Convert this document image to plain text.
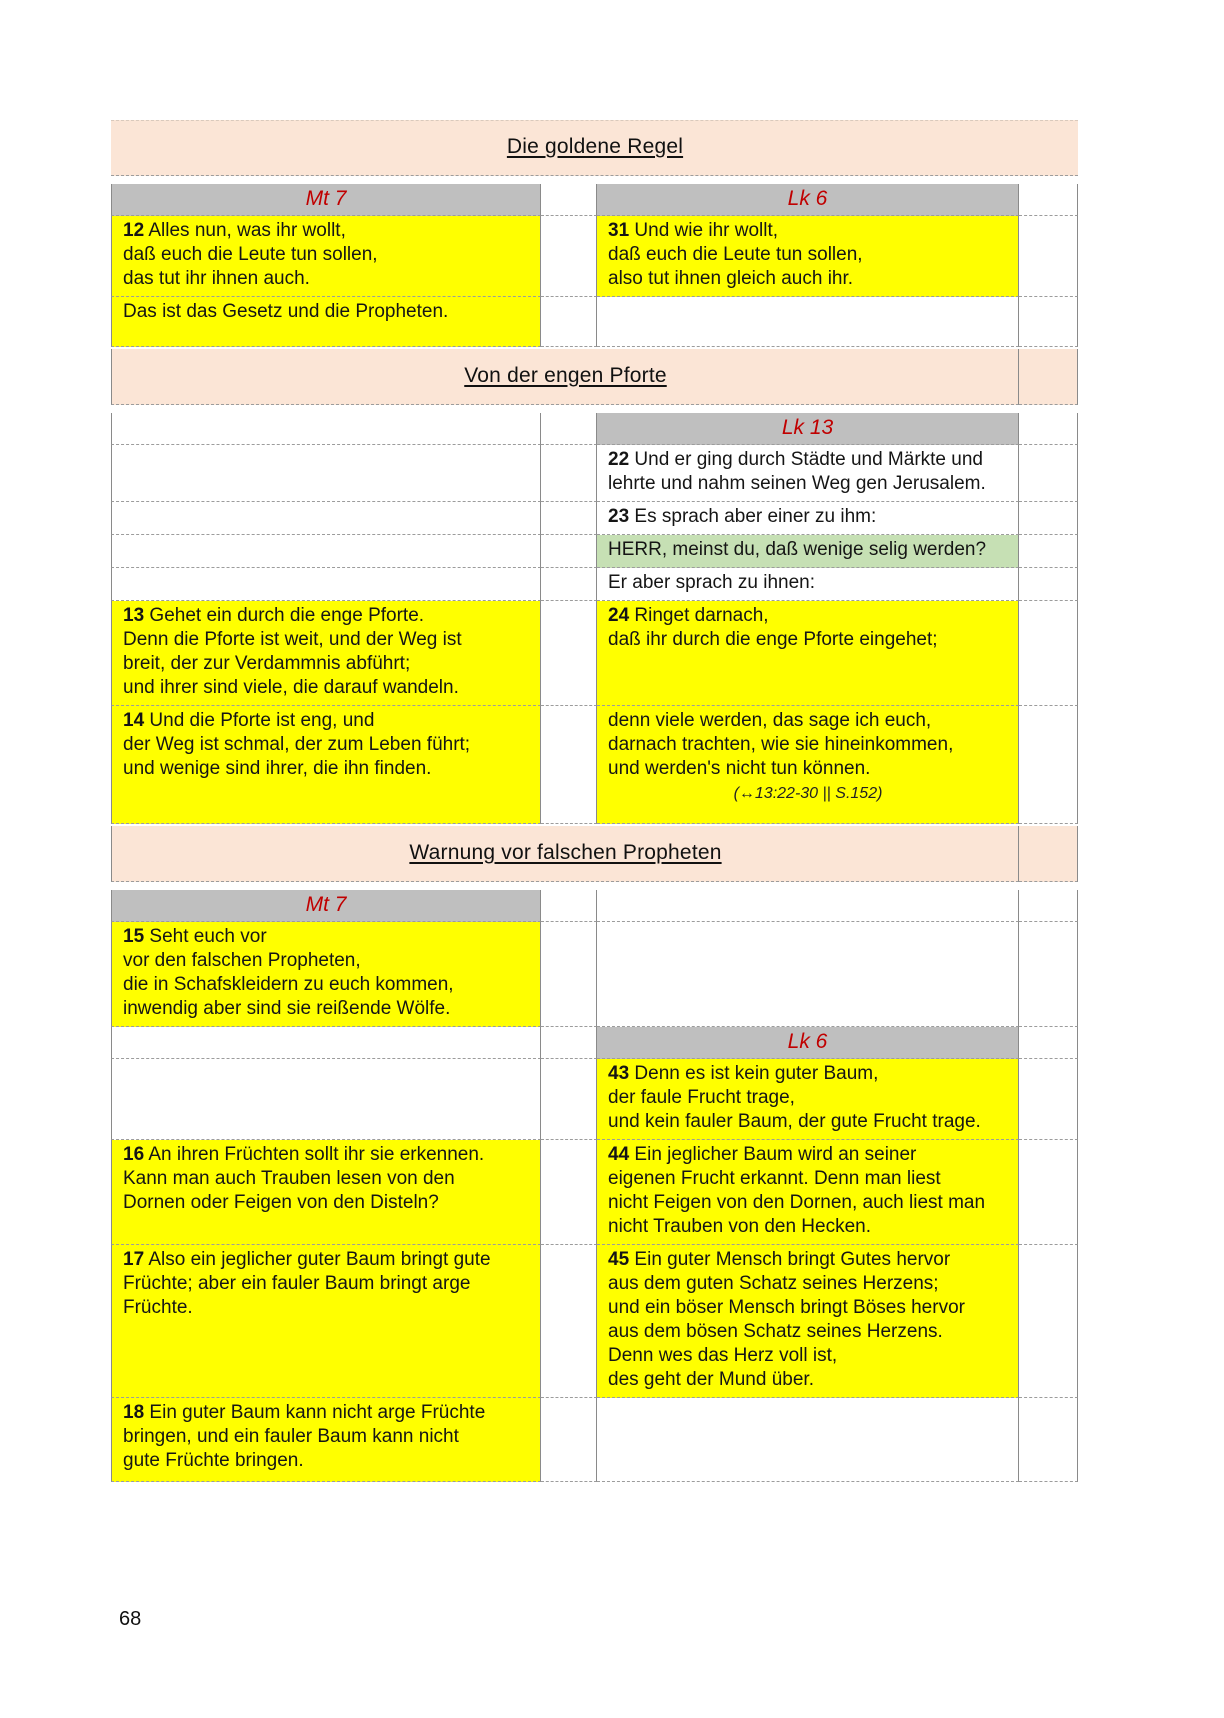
Die goldene Regel
Mt 7	Lk 6
12 Alles nun, was ihr wollt,
daß euch die Leute tun sollen,
das tut ihr ihnen auch.
31 Und wie ihr wollt,
daß euch die Leute tun sollen,
also tut ihnen gleich auch ihr.
Das ist das Gesetz und die Propheten.
Von der engen Pforte
Lk 13
22 Und er ging durch Städte und Märkte und
lehrte und nahm seinen Weg gen Jerusalem.
23 Es sprach aber einer zu ihm:
HERR, meinst du, daß wenige selig werden?
Er aber sprach zu ihnen:
13 Gehet ein durch die enge Pforte.
Denn die Pforte ist weit, und der Weg ist
breit, der zur Verdammnis abführt;
und ihrer sind viele, die darauf wandeln.
24 Ringet darnach,
daß ihr durch die enge Pforte eingehet;
14 Und die Pforte ist eng, und
der Weg ist schmal, der zum Leben führt;
und wenige sind ihrer, die ihn finden.
denn viele werden, das sage ich euch,
darnach trachten, wie sie hineinkommen,
und werden's nicht tun können.
(↔13:22-30 || S.152)
Warnung vor falschen Propheten
Mt 7
15 Seht euch vor
vor den falschen Propheten,
die in Schafskleidern zu euch kommen,
inwendig aber sind sie reißende Wölfe.
Lk 6
43 Denn es ist kein guter Baum,
der faule Frucht trage,
und kein fauler Baum, der gute Frucht trage.
16 An ihren Früchten sollt ihr sie erkennen.
Kann man auch Trauben lesen von den
Dornen oder Feigen von den Disteln?
44 Ein jeglicher Baum wird an seiner
eigenen Frucht erkannt. Denn man liest
nicht Feigen von den Dornen, auch liest man
nicht Trauben von den Hecken.
17 Also ein jeglicher guter Baum bringt gute
Früchte; aber ein fauler Baum bringt arge
Früchte.
45 Ein guter Mensch bringt Gutes hervor
aus dem guten Schatz seines Herzens;
und ein böser Mensch bringt Böses hervor
aus dem bösen Schatz seines Herzens.
Denn wes das Herz voll ist,
des geht der Mund über.
18 Ein guter Baum kann nicht arge Früchte
bringen, und ein fauler Baum kann nicht
gute Früchte bringen.
68
